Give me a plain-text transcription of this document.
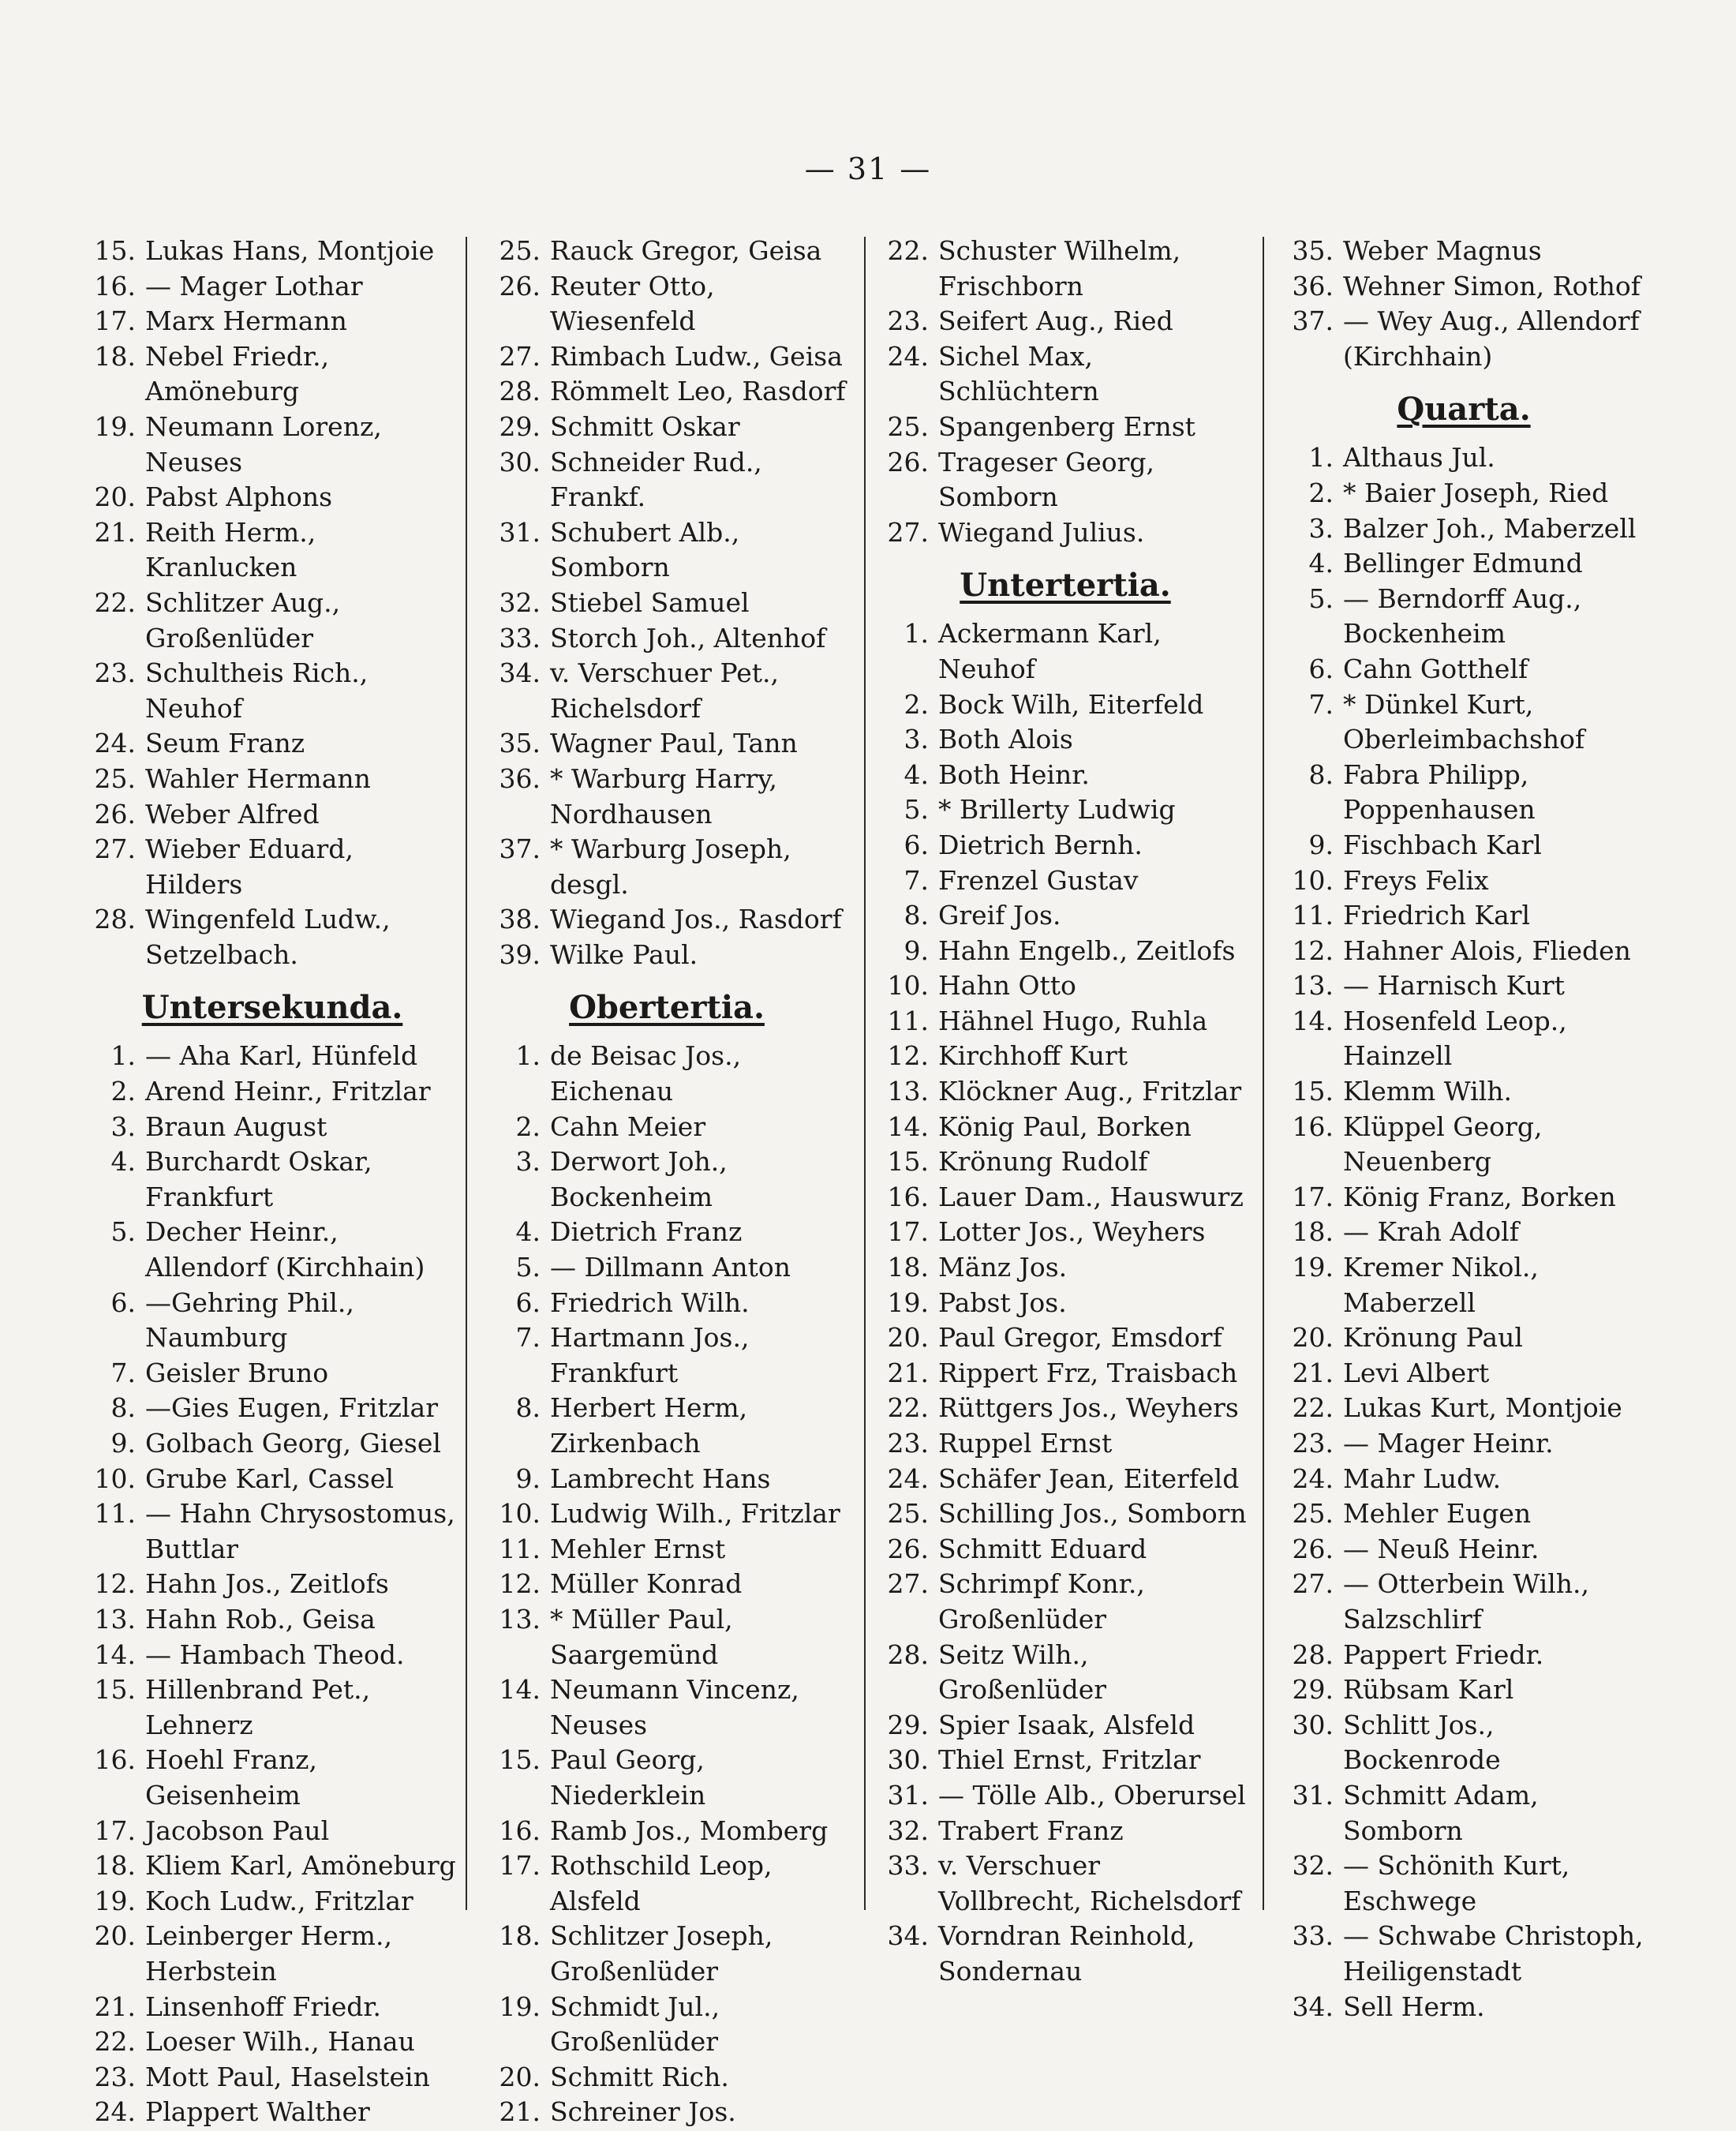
— 31 —
15. Lukas Hans, Montjoie
16. — Mager Lothar
17. Marx Hermann
18. Nebel Friedr., Amöneburg
19. Neumann Lorenz, Neuses
20. Pabst Alphons
21. Reith Herm., Kranlucken
22. Schlitzer Aug., Großenlüder
23. Schultheis Rich., Neuhof
24. Seum Franz
25. Wahler Hermann
26. Weber Alfred
27. Wieber Eduard, Hilders
28. Wingenfeld Ludw., Setzelbach.
Untersekunda.
1. — Aha Karl, Hünfeld
2. Arend Heinr., Fritzlar
3. Braun August
4. Burchardt Oskar, Frankfurt
5. Decher Heinr., Allendorf (Kirchhain)
6. —Gehring Phil., Naumburg
7. Geisler Bruno
8. —Gies Eugen, Fritzlar
9. Golbach Georg, Giesel
10. Grube Karl, Cassel
11. — Hahn Chrysostomus, Buttlar
12. Hahn Jos., Zeitlofs
13. Hahn Rob., Geisa
14. — Hambach Theod.
15. Hillenbrand Pet., Lehnerz
16. Hoehl Franz, Geisenheim
17. Jacobson Paul
18. Kliem Karl, Amöneburg
19. Koch Ludw., Fritzlar
20. Leinberger Herm., Herbstein
21. Linsenhoff Friedr.
22. Loeser Wilh., Hanau
23. Mott Paul, Haselstein
24. Plappert Walther
25. Rauck Gregor, Geisa
26. Reuter Otto, Wiesenfeld
27. Rimbach Ludw., Geisa
28. Römmelt Leo, Rasdorf
29. Schmitt Oskar
30. Schneider Rud., Frankf.
31. Schubert Alb., Somborn
32. Stiebel Samuel
33. Storch Joh., Altenhof
34. v. Verschuer Pet., Richelsdorf
35. Wagner Paul, Tann
36. * Warburg Harry, Nordhausen
37. * Warburg Joseph, desgl.
38. Wiegand Jos., Rasdorf
39. Wilke Paul.
Obertertia.
1. de Beisac Jos., Eichenau
2. Cahn Meier
3. Derwort Joh., Bockenheim
4. Dietrich Franz
5. — Dillmann Anton
6. Friedrich Wilh.
7. Hartmann Jos., Frankfurt
8. Herbert Herm, Zirkenbach
9. Lambrecht Hans
10. Ludwig Wilh., Fritzlar
11. Mehler Ernst
12. Müller Konrad
13. * Müller Paul, Saargemünd
14. Neumann Vincenz, Neuses
15. Paul Georg, Niederklein
16. Ramb Jos., Momberg
17. Rothschild Leop, Alsfeld
18. Schlitzer Joseph, Großenlüder
19. Schmidt Jul., Großenlüder
20. Schmitt Rich.
21. Schreiner Jos.
22. Schuster Wilhelm, Frischborn
23. Seifert Aug., Ried
24. Sichel Max, Schlüchtern
25. Spangenberg Ernst
26. Trageser Georg, Somborn
27. Wiegand Julius.
Untertertia.
1. Ackermann Karl, Neuhof
2. Bock Wilh, Eiterfeld
3. Both Alois
4. Both Heinr.
5. * Brillerty Ludwig
6. Dietrich Bernh.
7. Frenzel Gustav
8. Greif Jos.
9. Hahn Engelb., Zeitlofs
10. Hahn Otto
11. Hähnel Hugo, Ruhla
12. Kirchhoff Kurt
13. Klöckner Aug., Fritzlar
14. König Paul, Borken
15. Krönung Rudolf
16. Lauer Dam., Hauswurz
17. Lotter Jos., Weyhers
18. Mänz Jos.
19. Pabst Jos.
20. Paul Gregor, Emsdorf
21. Rippert Frz, Traisbach
22. Rüttgers Jos., Weyhers
23. Ruppel Ernst
24. Schäfer Jean, Eiterfeld
25. Schilling Jos., Somborn
26. Schmitt Eduard
27. Schrimpf Konr., Großenlüder
28. Seitz Wilh., Großenlüder
29. Spier Isaak, Alsfeld
30. Thiel Ernst, Fritzlar
31. — Tölle Alb., Oberursel
32. Trabert Franz
33. v. Verschuer Vollbrecht, Richelsdorf
34. Vorndran Reinhold, Sondernau
35. Weber Magnus
36. Wehner Simon, Rothof
37. — Wey Aug., Allendorf (Kirchhain)
Quarta.
1. Althaus Jul.
2. * Baier Joseph, Ried
3. Balzer Joh., Maberzell
4. Bellinger Edmund
5. — Berndorff Aug., Bockenheim
6. Cahn Gotthelf
7. * Dünkel Kurt, Oberleimbachshof
8. Fabra Philipp, Poppenhausen
9. Fischbach Karl
10. Freys Felix
11. Friedrich Karl
12. Hahner Alois, Flieden
13. — Harnisch Kurt
14. Hosenfeld Leop., Hainzell
15. Klemm Wilh.
16. Klüppel Georg, Neuenberg
17. König Franz, Borken
18. — Krah Adolf
19. Kremer Nikol., Maberzell
20. Krönung Paul
21. Levi Albert
22. Lukas Kurt, Montjoie
23. — Mager Heinr.
24. Mahr Ludw.
25. Mehler Eugen
26. — Neuß Heinr.
27. — Otterbein Wilh., Salzschlirf
28. Pappert Friedr.
29. Rübsam Karl
30. Schlitt Jos., Bockenrode
31. Schmitt Adam, Somborn
32. — Schönith Kurt, Eschwege
33. — Schwabe Christoph, Heiligenstadt
34. Sell Herm.
